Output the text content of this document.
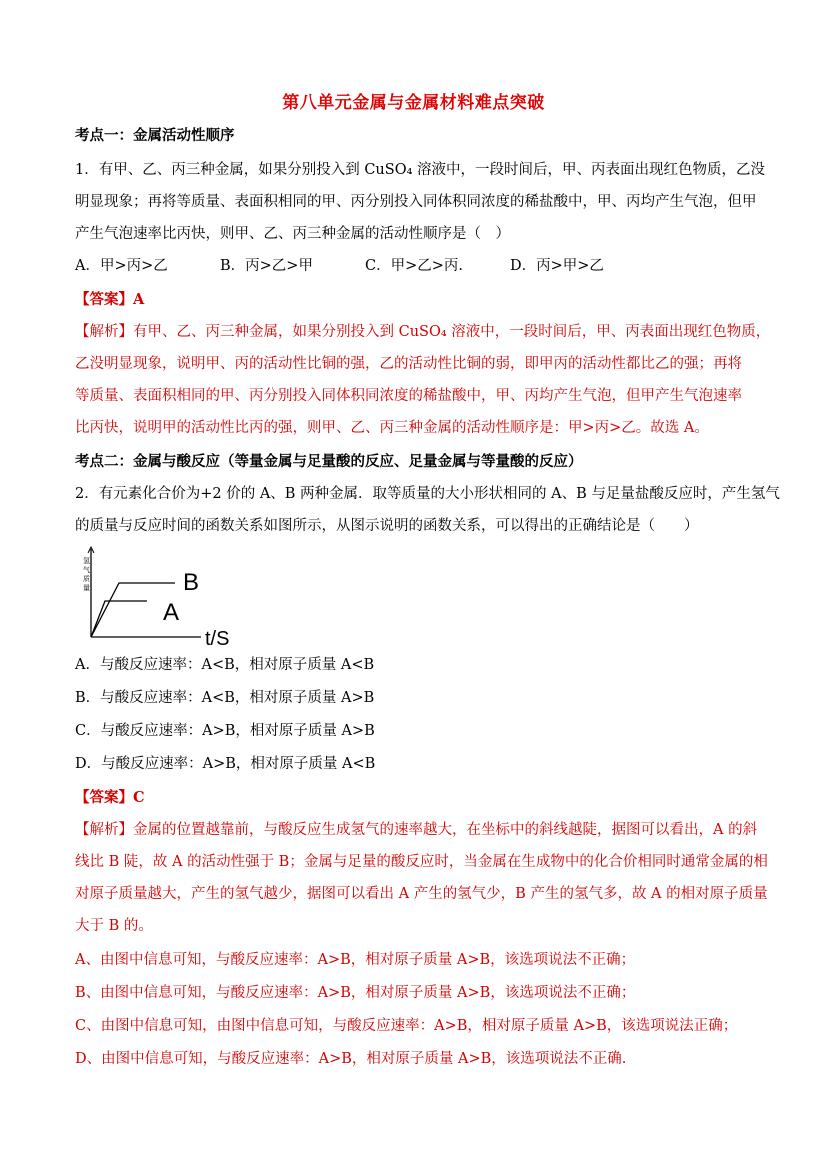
第八单元金属与金属材料难点突破
考点一：金属活动性顺序
1．有甲、乙、丙三种金属，如果分别投入到 CuSO₄ 溶液中，一段时间后，甲、丙表面出现红色物质，乙没
明显现象；再将等质量、表面积相同的甲、丙分别投入同体积同浓度的稀盐酸中，甲、丙均产生气泡，但甲
产生气泡速率比丙快，则甲、乙、丙三种金属的活动性顺序是（　）
A．甲>丙>乙	B．丙>乙>甲	C．甲>乙>丙.	D．丙>甲>乙
【答案】A
【解析】有甲、乙、丙三种金属，如果分别投入到 CuSO₄ 溶液中，一段时间后，甲、丙表面出现红色物质，
乙没明显现象，说明甲、丙的活动性比铜的强，乙的活动性比铜的弱，即甲丙的活动性都比乙的强；再将
等质量、表面积相同的甲、丙分别投入同体积同浓度的稀盐酸中，甲、丙均产生气泡，但甲产生气泡速率
比丙快，说明甲的活动性比丙的强，则甲、乙、丙三种金属的活动性顺序是：甲>丙>乙。故选 A。
考点二：金属与酸反应（等量金属与足量酸的反应、足量金属与等量酸的反应）
2．有元素化合价为+2 价的 A、B 两种金属．取等质量的大小形状相同的 A、B 与足量盐酸反应时，产生氢气
的质量与反应时间的函数关系如图所示，从图示说明的函数关系，可以得出的正确结论是（　　）
氢气质量	B
A
t/S
A．与酸反应速率：A<B，相对原子质量 A<B
B．与酸反应速率：A<B，相对原子质量 A>B
C．与酸反应速率：A>B，相对原子质量 A>B
D．与酸反应速率：A>B，相对原子质量 A<B
【答案】C
【解析】金属的位置越靠前，与酸反应生成氢气的速率越大，在坐标中的斜线越陡，据图可以看出，A 的斜
线比 B 陡，故 A 的活动性强于 B；金属与足量的酸反应时，当金属在生成物中的化合价相同时通常金属的相
对原子质量越大，产生的氢气越少，据图可以看出 A 产生的氢气少，B 产生的氢气多，故 A 的相对原子质量
大于 B 的。
A、由图中信息可知，与酸反应速率：A>B，相对原子质量 A>B，该选项说法不正确；
B、由图中信息可知，与酸反应速率：A>B，相对原子质量 A>B，该选项说法不正确；
C、由图中信息可知，由图中信息可知，与酸反应速率：A>B，相对原子质量 A>B，该选项说法正确；
D、由图中信息可知，与酸反应速率：A>B，相对原子质量 A>B，该选项说法不正确.
